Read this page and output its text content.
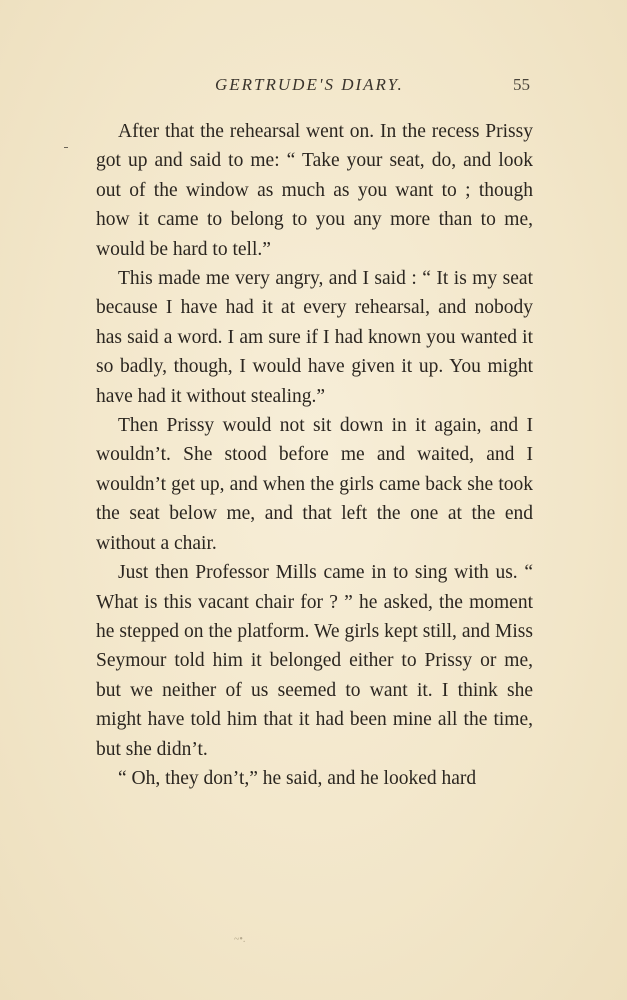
GERTRUDE'S DIARY.	55

After that the rehearsal went on. In the recess Prissy got up and said to me: “ Take your seat, do, and look out of the window as much as you want to ; though how it came to belong to you any more than to me, would be hard to tell.”

This made me very angry, and I said : “ It is my seat because I have had it at every rehearsal, and nobody has said a word. I am sure if I had known you wanted it so badly, though, I would have given it up. You might have had it without stealing.”

Then Prissy would not sit down in it again, and I wouldn’t. She stood before me and waited, and I wouldn’t get up, and when the girls came back she took the seat below me, and that left the one at the end without a chair.

Just then Professor Mills came in to sing with us. “ What is this vacant chair for ? ” he asked, the moment he stepped on the platform. We girls kept still, and Miss Seymour told him it belonged either to Prissy or me, but we neither of us seemed to want it. I think she might have told him that it had been mine all the time, but she didn’t.

“ Oh, they don’t,” he said, and he looked hard

~•.
